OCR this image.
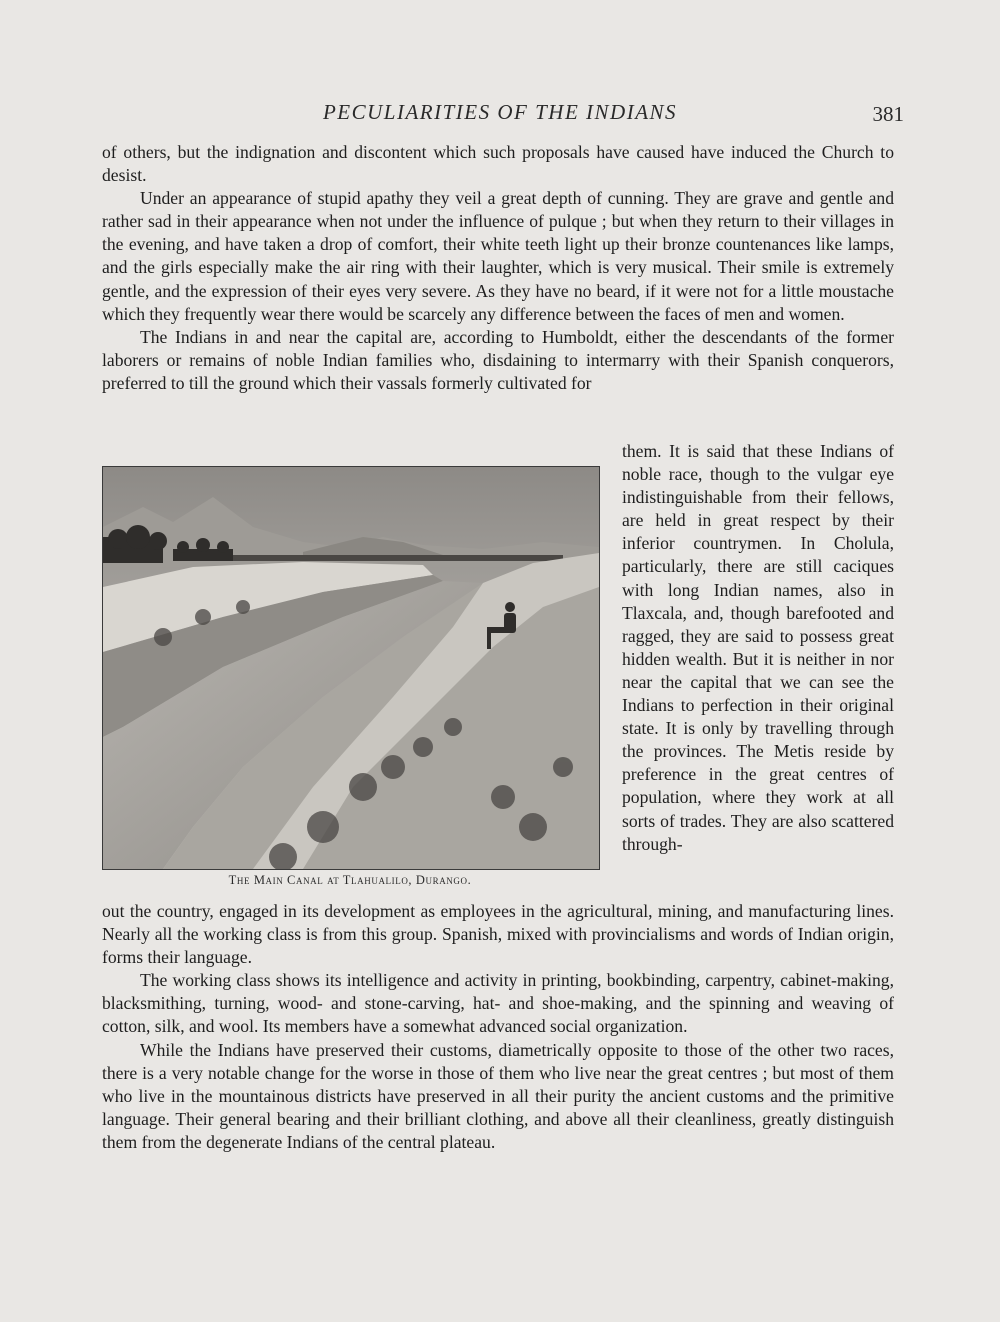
PECULIARITIES OF THE INDIANS	381

of others, but the indignation and discontent which such proposals have caused have induced the Church to desist.

Under an appearance of stupid apathy they veil a great depth of cunning. They are grave and gentle and rather sad in their appearance when not under the influence of pulque ; but when they return to their villages in the evening, and have taken a drop of comfort, their white teeth light up their bronze countenances like lamps, and the girls especially make the air ring with their laughter, which is very musical. Their smile is extremely gentle, and the expression of their eyes very severe. As they have no beard, if it were not for a little moustache which they frequently wear there would be scarcely any difference between the faces of men and women.

The Indians in and near the capital are, according to Humboldt, either the descendants of the former laborers or remains of noble Indian families who, disdaining to intermarry with their Spanish conquerors, preferred to till the ground which their vassals formerly cultivated for

them. It is said that these Indians of noble race, though to the vulgar eye indistinguishable from their fellows, are held in great respect by their inferior countrymen. In Cholula, particularly, there are still caciques with long Indian names, also in Tlaxcala, and, though barefooted and ragged, they are said to possess great hidden wealth. But it is neither in nor near the capital that we can see the Indians to perfection in their original state. It is only by travelling through the provinces. The Metis reside by preference in the great centres of population, where they work at all sorts of trades. They are also scattered through-

The Main Canal at Tlahualilo, Durango.

out the country, engaged in its development as employees in the agricultural, mining, and manufacturing lines. Nearly all the working class is from this group. Spanish, mixed with provincialisms and words of Indian origin, forms their language.

The working class shows its intelligence and activity in printing, bookbinding, carpentry, cabinet-making, blacksmithing, turning, wood- and stone-carving, hat- and shoe-making, and the spinning and weaving of cotton, silk, and wool. Its members have a somewhat advanced social organization.

While the Indians have preserved their customs, diametrically opposite to those of the other two races, there is a very notable change for the worse in those of them who live near the great centres ; but most of them who live in the mountainous districts have preserved in all their purity the ancient customs and the primitive language. Their general bearing and their brilliant clothing, and above all their cleanliness, greatly distinguish them from the degenerate Indians of the central plateau.
